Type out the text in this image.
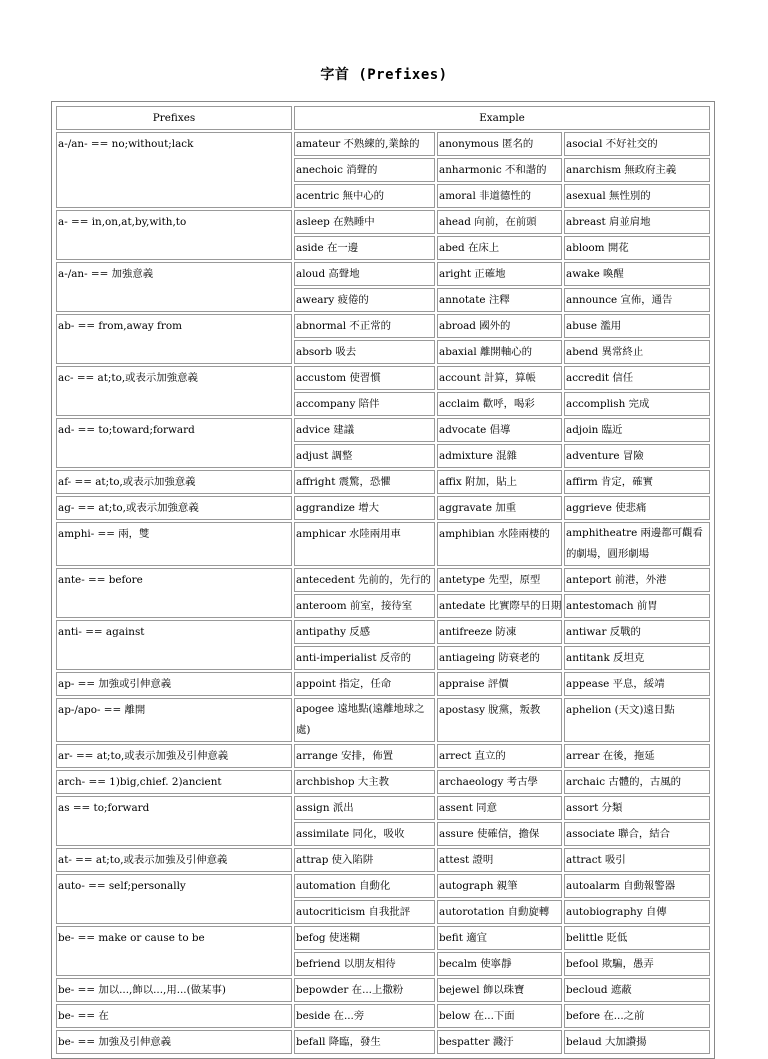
字首 (Prefixes)
Prefixes	Example		
a-/an- == no;without;lack	amateur 不熟練的,業餘的	anonymous 匿名的	asocial 不好社交的
	anechoic 消聲的	anharmonic 不和諧的	anarchism 無政府主義
	acentric 無中心的	amoral 非道德性的	asexual 無性別的
a- == in,on,at,by,with,to	asleep 在熟睡中	ahead 向前，在前頭	abreast 肩並肩地
	aside 在一邊	abed 在床上	abloom 開花
a-/an- == 加強意義	aloud 高聲地	aright 正確地	awake 喚醒
	aweary 疲倦的	annotate 注釋	announce 宣佈，通告
ab- == from,away from	abnormal 不正常的	abroad 國外的	abuse 濫用
	absorb 吸去	abaxial 離開軸心的	abend 異常終止
ac- == at;to,或表示加強意義	accustom 使習慣	account 計算，算帳	accredit 信任
	accompany 陪伴	acclaim 歡呼，喝彩	accomplish 完成
ad- == to;toward;forward	advice 建議	advocate 倡導	adjoin 臨近
	adjust 調整	admixture 混雜	adventure 冒險
af- == at;to,或表示加強意義	affright 震驚，恐懼	affix 附加，貼上	affirm 肯定，確實
ag- == at;to,或表示加強意義	aggrandize 增大	aggravate 加重	aggrieve 使悲痛
amphi- == 兩，雙	amphicar 水陸兩用車	amphibian 水陸兩棲的	amphitheatre 兩邊都可觀看的劇場，圓形劇場
ante- == before	antecedent 先前的，先行的	antetype 先型，原型	anteport 前港，外港
	anteroom 前室，接待室	antedate 比實際早的日期	antestomach 前胃
anti- == against	antipathy 反感	antifreeze 防凍	antiwar 反戰的
	anti-imperialist 反帝的	antiageing 防衰老的	antitank 反坦克
ap- == 加強或引伸意義	appoint 指定，任命	appraise 評價	appease 平息，綏靖
ap-/apo- == 離開	apogee 遠地點(遠離地球之處)	apostasy 脫黨，叛教	aphelion (天文)遠日點
ar- == at;to,或表示加強及引伸意義	arrange 安排，佈置	arrect 直立的	arrear 在後，拖延
arch- == 1)big,chief. 2)ancient	archbishop 大主教	archaeology 考古學	archaic 古體的，古風的
as == to;forward	assign 派出	assent 同意	assort 分類
	assimilate 同化，吸收	assure 使確信，擔保	associate 聯合，結合
at- == at;to,或表示加強及引伸意義	attrap 使入陷阱	attest 證明	attract 吸引
auto- == self;personally	automation 自動化	autograph 親筆	autoalarm 自動報警器
	autocriticism 自我批評	autorotation 自動旋轉	autobiography 自傳
be- == make or cause to be	befog 使迷糊	befit 適宜	belittle 貶低
	befriend 以朋友相待	becalm 使寧靜	befool 欺騙，愚弄
be- == 加以...,飾以...,用...(做某事)	bepowder 在...上撒粉	bejewel 飾以珠寶	becloud 遮蔽
be- == 在	beside 在...旁	below 在...下面	before 在...之前
be- == 加強及引伸意義	befall 降臨，發生	bespatter 濺汙	belaud 大加讚揚
